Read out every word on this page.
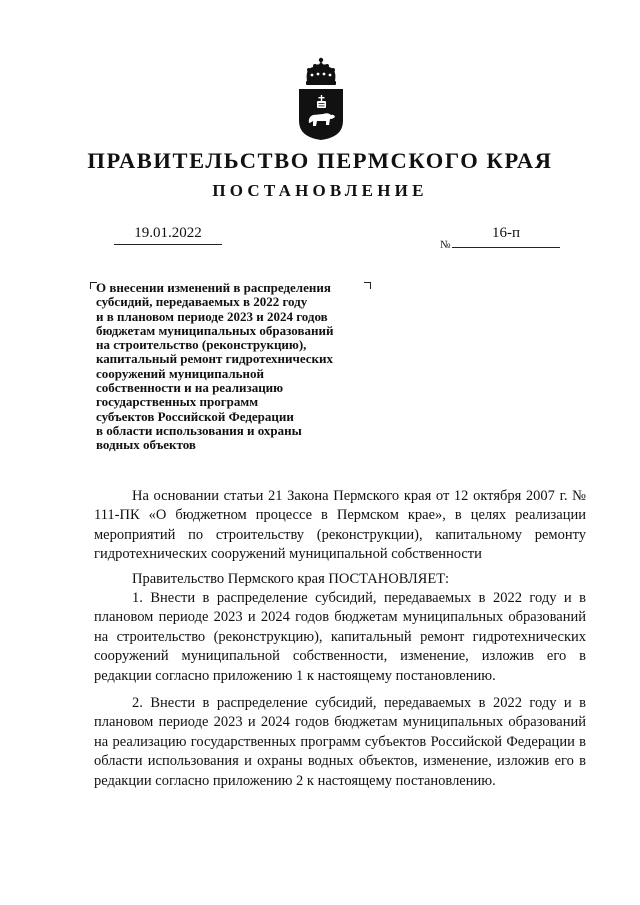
ПРАВИТЕЛЬСТВО ПЕРМСКОГО КРАЯ
ПОСТАНОВЛЕНИЕ
19.01.2022
№
16-п
О внесении изменений в распределения
субсидий, передаваемых в 2022 году
и в плановом периоде 2023 и 2024 годов
бюджетам муниципальных образований
на строительство (реконструкцию),
капитальный ремонт гидротехнических
сооружений муниципальной
собственности и на реализацию
государственных программ
субъектов Российской Федерации
в области использования и охраны
водных объектов

На основании статьи 21 Закона Пермского края от 12 октября 2007 г. № 111-ПК «О бюджетном процессе в Пермском крае», в целях реализации мероприятий по строительству (реконструкции), капитальному ремонту гидротехнических сооружений муниципальной собственности

Правительство Пермского края ПОСТАНОВЛЯЕТ:

1. Внести в распределение субсидий, передаваемых в 2022 году и в плановом периоде 2023 и 2024 годов бюджетам муниципальных образований на строительство (реконструкцию), капитальный ремонт гидротехнических сооружений муниципальной собственности, изменение, изложив его в редакции согласно приложению 1 к настоящему постановлению.

2. Внести в распределение субсидий, передаваемых в 2022 году и в плановом периоде 2023 и 2024 годов бюджетам муниципальных образований на реализацию государственных программ субъектов Российской Федерации в области использования и охраны водных объектов, изменение, изложив его в редакции согласно приложению 2 к настоящему постановлению.
